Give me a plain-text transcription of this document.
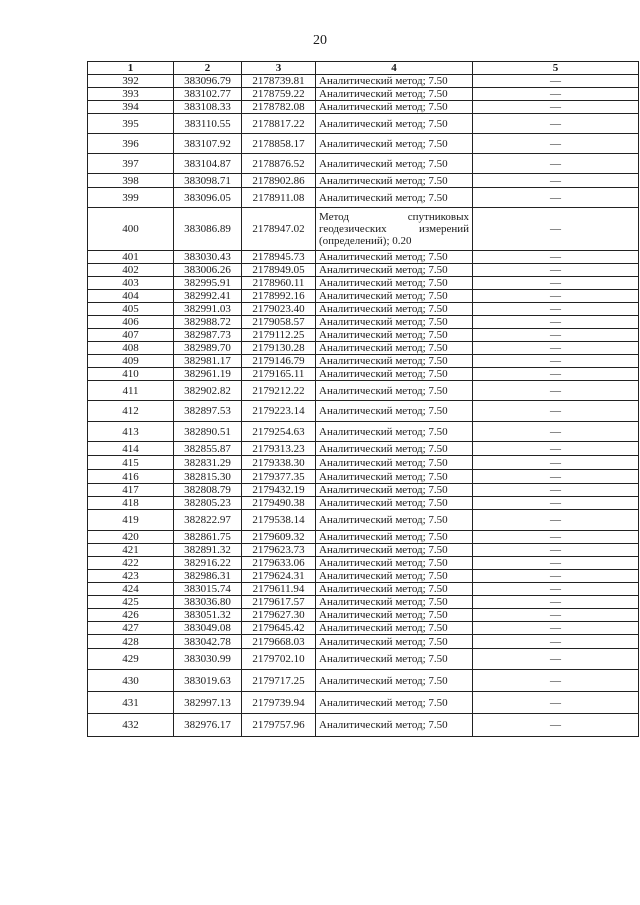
20
1	2	3	4	5
392	383096.79	2178739.81	Аналитический метод; 7.50	—
393	383102.77	2178759.22	Аналитический метод; 7.50	—
394	383108.33	2178782.08	Аналитический метод; 7.50	—
395	383110.55	2178817.22	Аналитический метод; 7.50	—
396	383107.92	2178858.17	Аналитический метод; 7.50	—
397	383104.87	2178876.52	Аналитический метод; 7.50	—
398	383098.71	2178902.86	Аналитический метод; 7.50	—
399	383096.05	2178911.08	Аналитический метод; 7.50	—
400	383086.89	2178947.02	Метод спутниковых
геодезических измерений
(определений); 0.20	—
401	383030.43	2178945.73	Аналитический метод; 7.50	—
402	383006.26	2178949.05	Аналитический метод; 7.50	—
403	382995.91	2178960.11	Аналитический метод; 7.50	—
404	382992.41	2178992.16	Аналитический метод; 7.50	—
405	382991.03	2179023.40	Аналитический метод; 7.50	—
406	382988.72	2179058.57	Аналитический метод; 7.50	—
407	382987.73	2179112.25	Аналитический метод; 7.50	—
408	382989.70	2179130.28	Аналитический метод; 7.50	—
409	382981.17	2179146.79	Аналитический метод; 7.50	—
410	382961.19	2179165.11	Аналитический метод; 7.50	—
411	382902.82	2179212.22	Аналитический метод; 7.50	—
412	382897.53	2179223.14	Аналитический метод; 7.50	—
413	382890.51	2179254.63	Аналитический метод; 7.50	—
414	382855.87	2179313.23	Аналитический метод; 7.50	—
415	382831.29	2179338.30	Аналитический метод; 7.50	—
416	382815.30	2179377.35	Аналитический метод; 7.50	—
417	382808.79	2179432.19	Аналитический метод; 7.50	—
418	382805.23	2179490.38	Аналитический метод; 7.50	—
419	382822.97	2179538.14	Аналитический метод; 7.50	—
420	382861.75	2179609.32	Аналитический метод; 7.50	—
421	382891.32	2179623.73	Аналитический метод; 7.50	—
422	382916.22	2179633.06	Аналитический метод; 7.50	—
423	382986.31	2179624.31	Аналитический метод; 7.50	—
424	383015.74	2179611.94	Аналитический метод; 7.50	—
425	383036.80	2179617.57	Аналитический метод; 7.50	—
426	383051.32	2179627.30	Аналитический метод; 7.50	—
427	383049.08	2179645.42	Аналитический метод; 7.50	—
428	383042.78	2179668.03	Аналитический метод; 7.50	—
429	383030.99	2179702.10	Аналитический метод; 7.50	—
430	383019.63	2179717.25	Аналитический метод; 7.50	—
431	382997.13	2179739.94	Аналитический метод; 7.50	—
432	382976.17	2179757.96	Аналитический метод; 7.50	—
